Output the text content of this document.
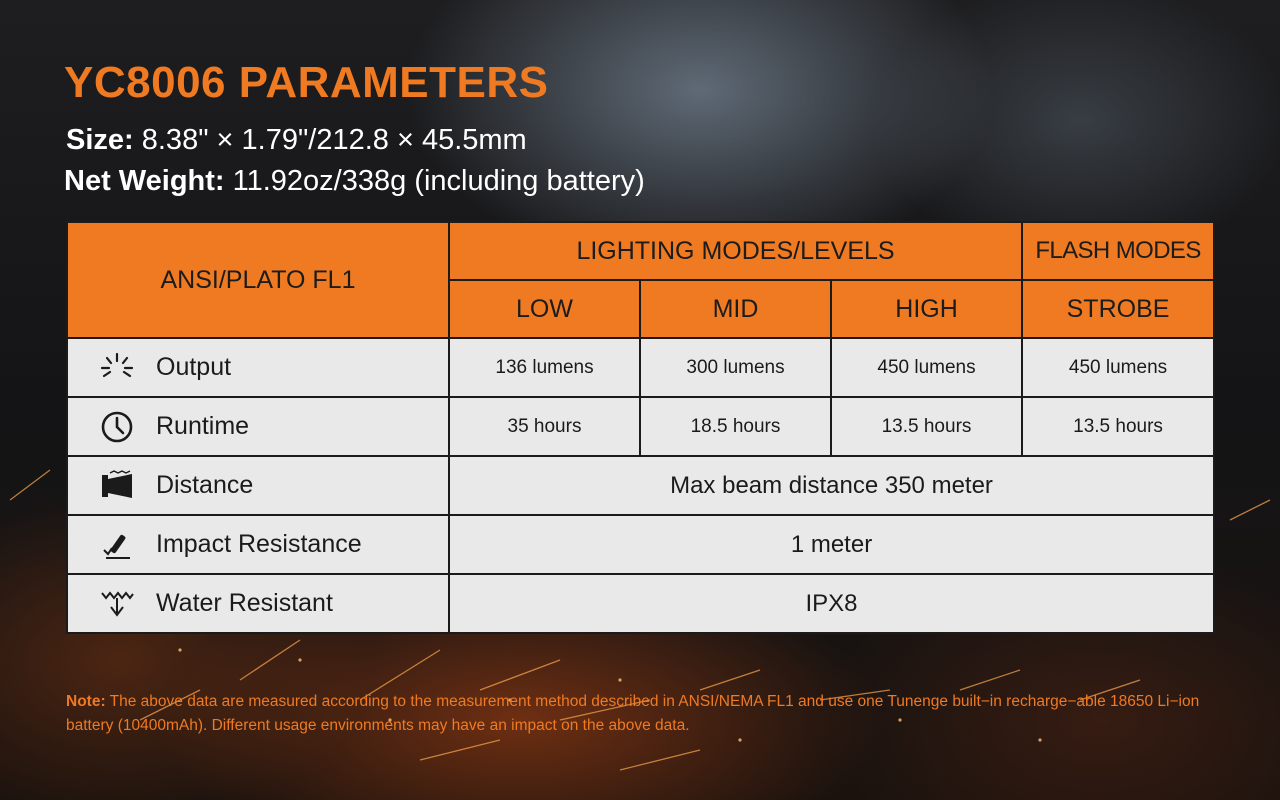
YC8006 PARAMETERS
Size: 8.38" × 1.79"/212.8 × 45.5mm
Net Weight: 11.92oz/338g (including battery)
ANSI/PLATO FL1	LIGHTING MODES/LEVELS			FLASH MODES
	LOW	MID	HIGH	STROBE

Output	136 lumens	300 lumens	450 lumens	450 lumens

Runtime	35 hours	18.5 hours	13.5 hours	13.5 hours

Distance	Max beam distance 350 meter			

Impact Resistance	1 meter			

Water Resistant	IPX8			
Note: The above data are measured according to the measurement method described in ANSI/NEMA FL1 and use one Tunenge built−in recharge−able 18650 Li−ion battery (10400mAh). Different usage environments may have an impact on the above data.
